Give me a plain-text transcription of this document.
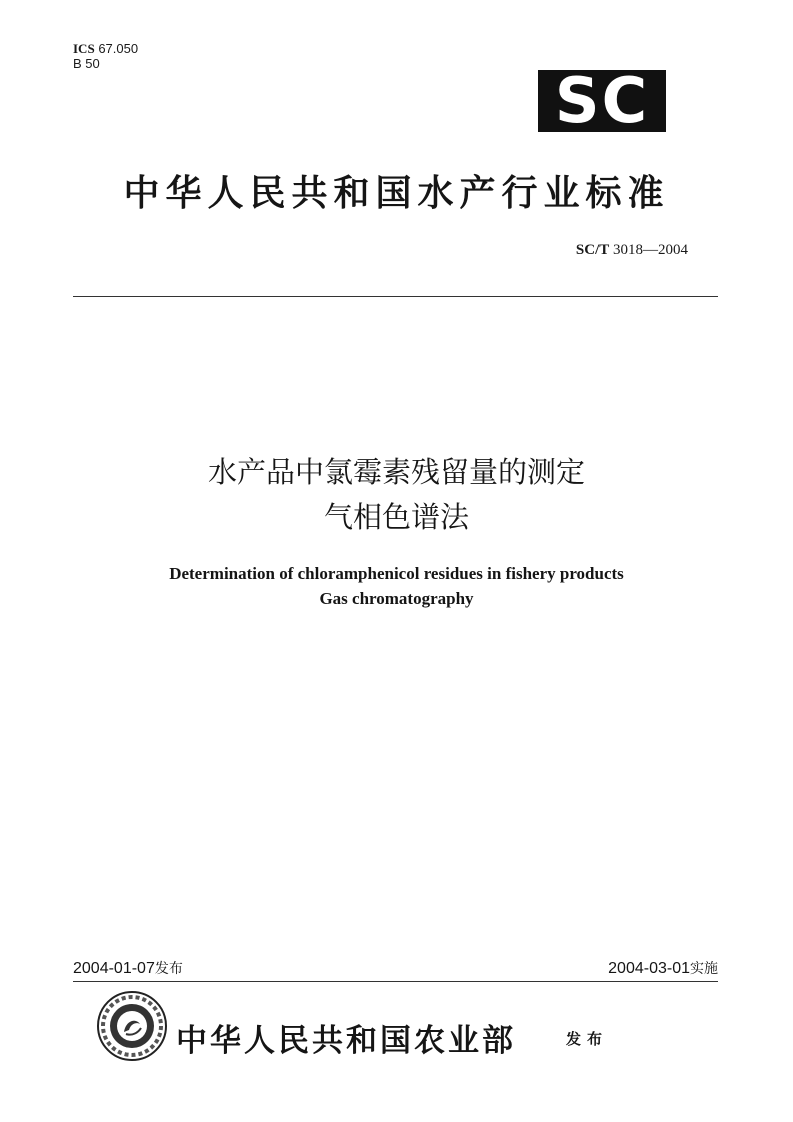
ICS 67.050
B 50
SC
中华人民共和国水产行业标准
SC/T 3018—2004
水产品中氯霉素残留量的测定
气相色谱法
Determination of chloramphenicol residues in fishery products
Gas chromatography
2004-01-07发布	2004-03-01实施
中华人民共和国农业部	发布
